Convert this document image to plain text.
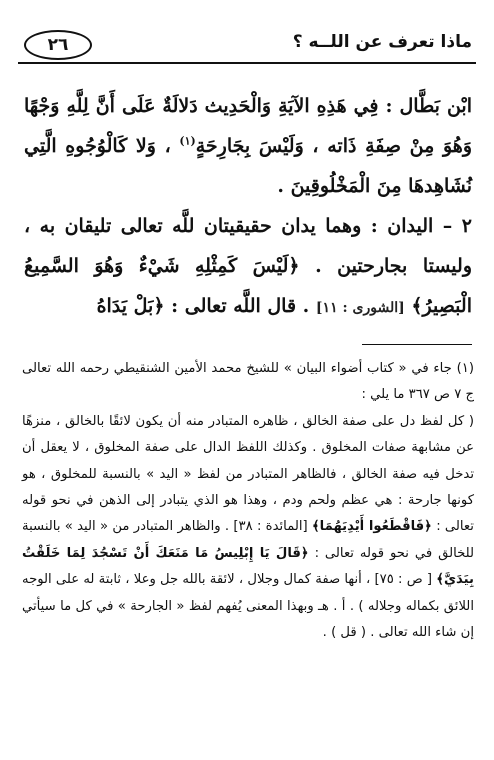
ماذا تعرف عن اللــه ؟
٢٦

ابْن بَطَّال : فِي هَذِهِ الآيَةِ وَالْحَدِيث دَلالَةٌ عَلَى أَنَّ لِلَّهِ وَجْهًا وَهُوَ مِنْ صِفَةِ ذَاته ، وَلَيْسَ بِجَارِحَةٍ$^{(١)}$ ، وَلا كَالْوُجُوهِ الَّتِي نُشَاهِدهَا مِنَ الْمَخْلُوقِينَ .

٢ – اليدان : وهما يدان حقيقيتان للَّه تعالى تليقان به ، وليستا بجارحتين . ﴿لَيْسَ كَمِثْلِهِ شَيْءٌ وَهُوَ السَّمِيعُ الْبَصِيرُ﴾ [الشورى : ١١] . قال اللَّه تعالى : ﴿بَلْ يَدَاهُ

(١) جاء في « كتاب أضواء البيان » للشيخ محمد الأمين الشنقيطي رحمه الله تعالى ج ٧ ص ٣٦٧ ما يلي :

( كل لفظ دل على صفة الخالق ، ظاهره المتبادر منه أن يكون لائقًا بالخالق ، منزهًا عن مشابهة صفات المخلوق . وكذلك اللفظ الدال على صفة المخلوق ، لا يعقل أن تدخل فيه صفة الخالق ، فالظاهر المتبادر من لفظ « اليد » بالنسبة للمخلوق ، هو كونها جارحة : هي عظم ولحم ودم ، وهذا هو الذي يتبادر إلى الذهن في نحو قوله تعالى : ﴿فَاقْطَعُوا أَيْدِيَهُمَا﴾ [المائدة : ٣٨] . والظاهر المتبادر من « اليد » بالنسبة للخالق في نحو قوله تعالى : ﴿قَالَ يَا إِبْلِيسُ مَا مَنَعَكَ أَنْ تَسْجُدَ لِمَا خَلَقْتُ بِيَدَيَّ﴾ [ ص : ٧٥] ، أنها صفة كمال وجلال ، لائقة بالله جل وعلا ، ثابتة له على الوجه اللائق بكماله وجلاله ) . أ . هـ وبهذا المعنى يُفهم لفظ « الجارحة » في كل ما سيأتي إن شاء الله تعالى . ( قل ) .
